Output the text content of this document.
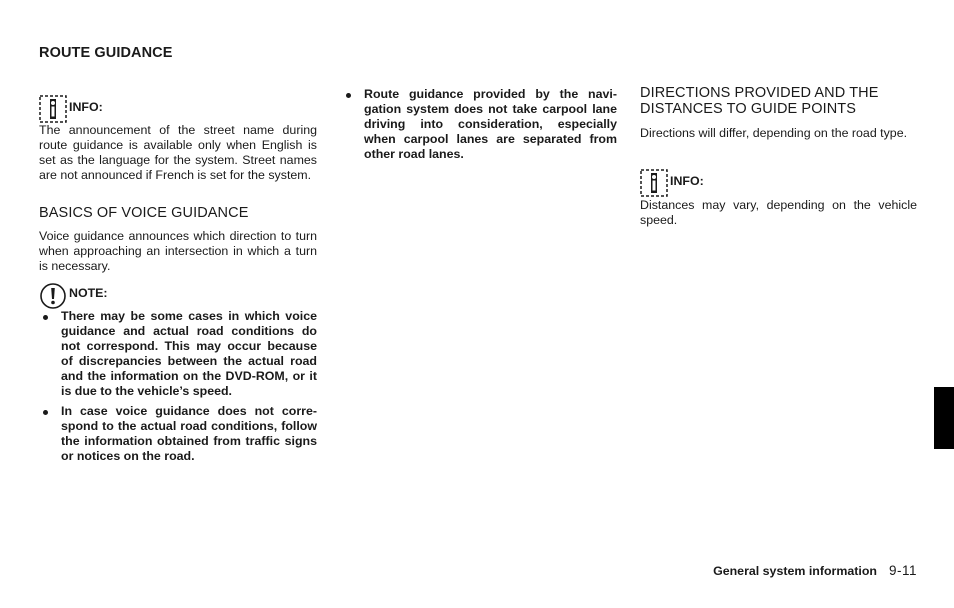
ROUTE GUIDANCE
INFO:
The announcement of the street name during route guidance is available only when English is set as the language for the system. Street names are not announced if French is set for the system.
BASICS OF VOICE GUIDANCE
Voice guidance announces which direction to turn when approaching an intersection in which a turn is necessary.
NOTE:
There may be some cases in which voice guidance and actual road conditions do not correspond. This may occur because of discrepancies between the actual road and the information on the DVD-ROM, or it is due to the vehicle’s speed.
In case voice guidance does not correspond to the actual road conditions, follow the information obtained from traffic signs or notices on the road.
Route guidance provided by the navigation system does not take carpool lane driving into consideration, especially when carpool lanes are separated from other road lanes.
DIRECTIONS PROVIDED AND THE DISTANCES TO GUIDE POINTS
Directions will differ, depending on the road type.
INFO:
Distances may vary, depending on the vehicle speed.
General system information 9-11
